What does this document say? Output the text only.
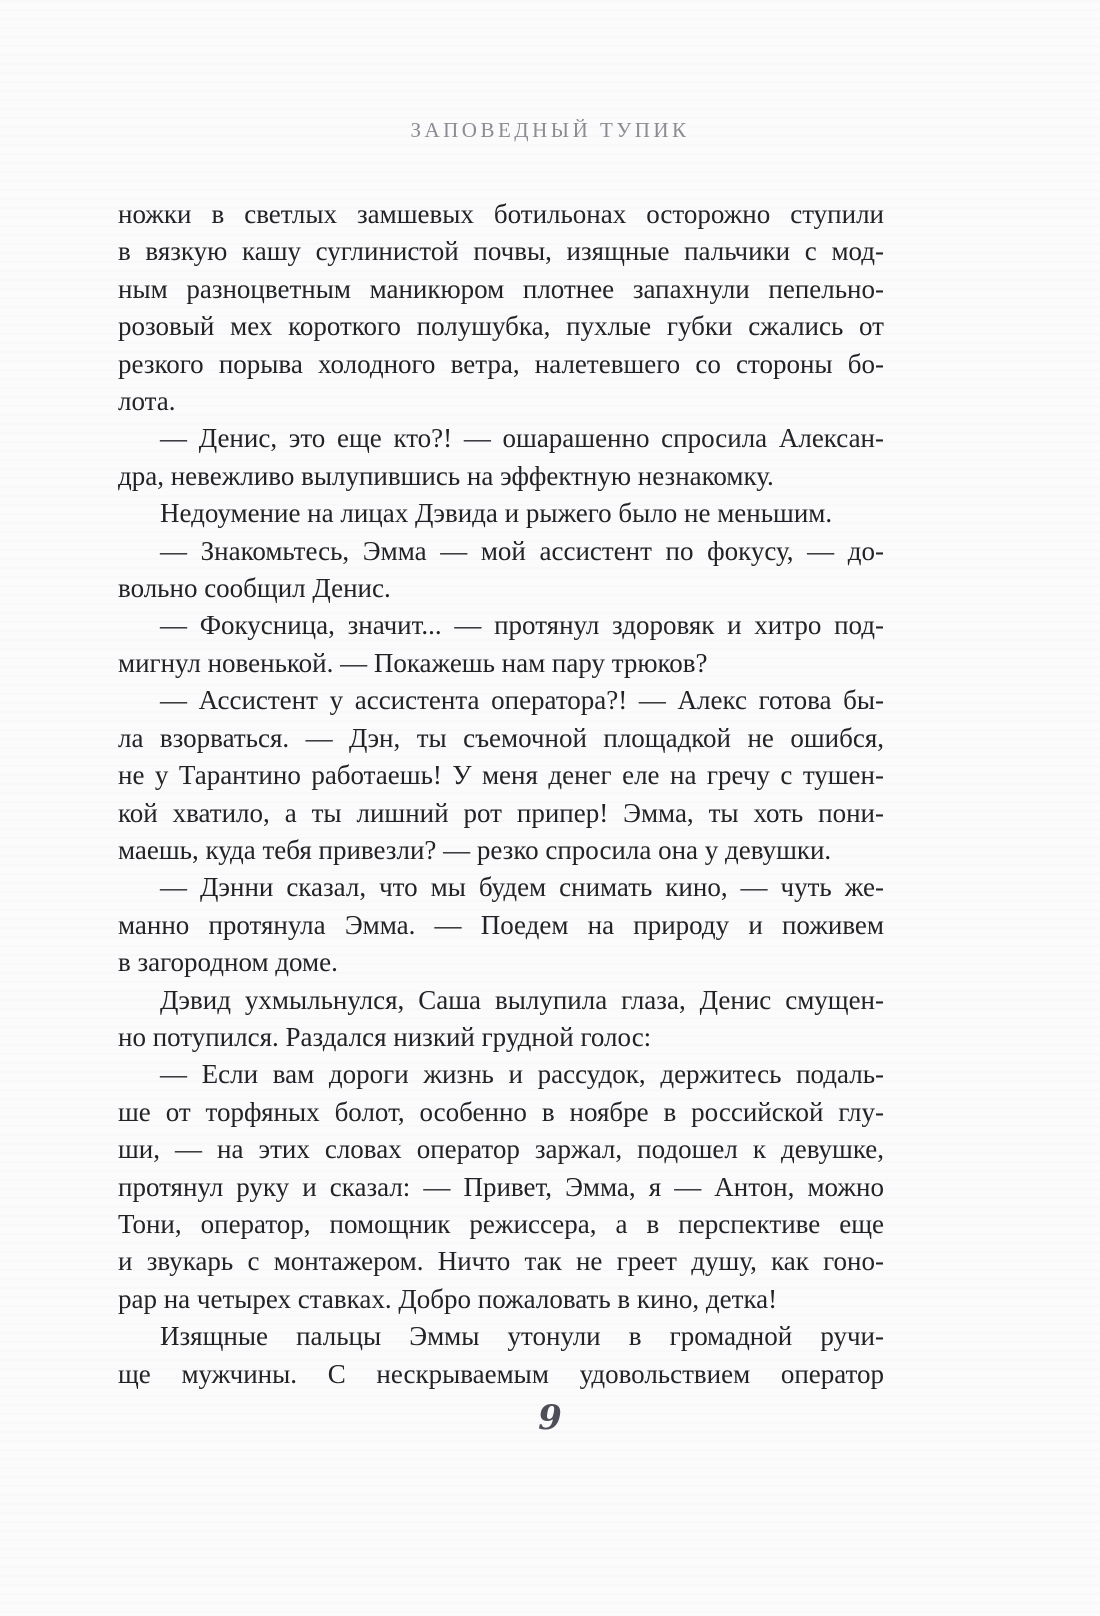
ЗАПОВЕДНЫЙ ТУПИК

ножки в светлых замшевых ботильонах осторожно ступили
в вязкую кашу суглинистой почвы, изящные пальчики с мод-
ным разноцветным маникюром плотнее запахнули пепельно-
розовый мех короткого полушубка, пухлые губки сжались от
резкого порыва холодного ветра, налетевшего со стороны бо-
лота.

— Денис, это еще кто?! — ошарашенно спросила Алексан-
дра, невежливо вылупившись на эффектную незнакомку.

Недоумение на лицах Дэвида и рыжего было не меньшим.

— Знакомьтесь, Эмма — мой ассистент по фокусу, — до-
вольно сообщил Денис.

— Фокусница, значит... — протянул здоровяк и хитро под-
мигнул новенькой. — Покажешь нам пару трюков?

— Ассистент у ассистента оператора?! — Алекс готова бы-
ла взорваться. — Дэн, ты съемочной площадкой не ошибся,
не у Тарантино работаешь! У меня денег еле на гречу с тушен-
кой хватило, а ты лишний рот припер! Эмма, ты хоть пони-
маешь, куда тебя привезли? — резко спросила она у девушки.

— Дэнни сказал, что мы будем снимать кино, — чуть же-
манно протянула Эмма. — Поедем на природу и поживем
в загородном доме.

Дэвид ухмыльнулся, Саша вылупила глаза, Денис смущен-
но потупился. Раздался низкий грудной голос:

— Если вам дороги жизнь и рассудок, держитесь подаль-
ше от торфяных болот, особенно в ноябре в российской глу-
ши, — на этих словах оператор заржал, подошел к девушке,
протянул руку и сказал: — Привет, Эмма, я — Антон, можно
Тони, оператор, помощник режиссера, а в перспективе еще
и звукарь с монтажером. Ничто так не греет душу, как гоно-
рар на четырех ставках. Добро пожаловать в кино, детка!

Изящные пальцы Эммы утонули в громадной ручи-
ще мужчины. С нескрываемым удовольствием оператор

9
